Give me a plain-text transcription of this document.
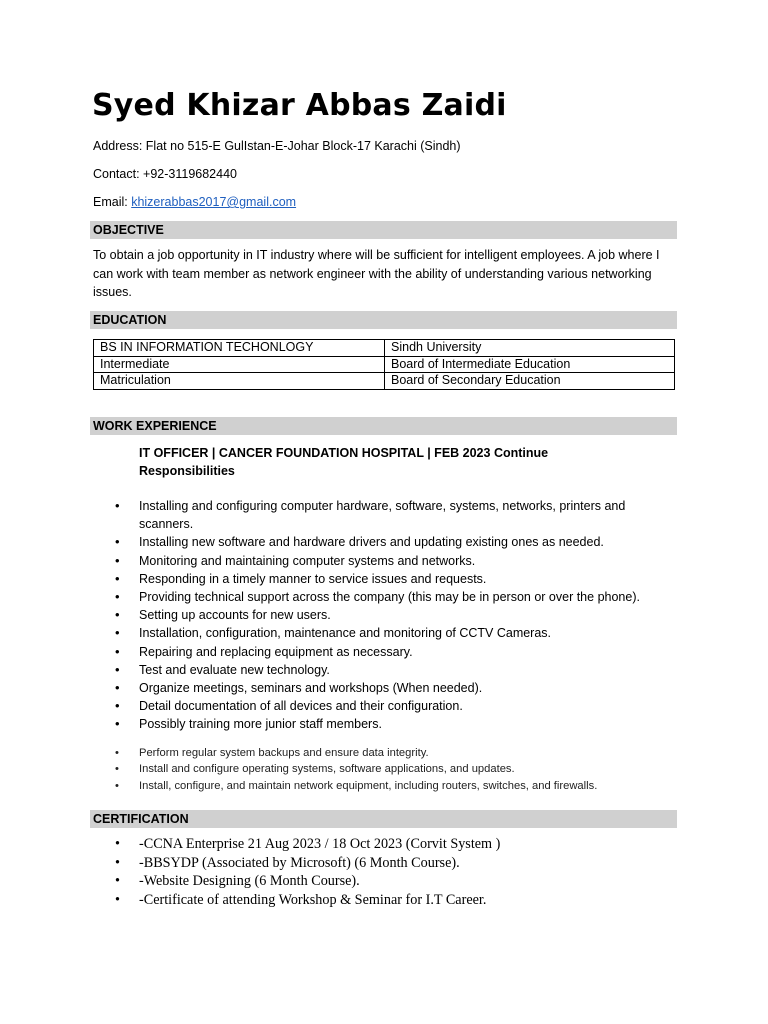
Syed Khizar Abbas Zaidi
Address: Flat no 515-E GulIstan-E-Johar Block-17 Karachi (Sindh)
Contact: +92-3119682440
Email: khizerabbas2017@gmail.com
OBJECTIVE
To obtain a job opportunity in IT industry where will be sufficient for intelligent employees. A job where I can work with team member as network engineer with the ability of understanding various networking issues.
EDUCATION
BS IN INFORMATION TECHONLOGY	Sindh University
Intermediate	Board of Intermediate Education
Matriculation	Board of Secondary Education
WORK EXPERIENCE
IT OFFICER | CANCER FOUNDATION HOSPITAL | FEB 2023 Continue
Responsibilities
• Installing and configuring computer hardware, software, systems, networks, printers and scanners.
• Installing new software and hardware drivers and updating existing ones as needed.
• Monitoring and maintaining computer systems and networks.
• Responding in a timely manner to service issues and requests.
• Providing technical support across the company (this may be in person or over the phone).
• Setting up accounts for new users.
• Installation, configuration, maintenance and monitoring of CCTV Cameras.
• Repairing and replacing equipment as necessary.
• Test and evaluate new technology.
• Organize meetings, seminars and workshops (When needed).
• Detail documentation of all devices and their configuration.
• Possibly training more junior staff members.
• Perform regular system backups and ensure data integrity.
• Install and configure operating systems, software applications, and updates.
• Install, configure, and maintain network equipment, including routers, switches, and firewalls.
CERTIFICATION
• -CCNA Enterprise 21 Aug 2023 / 18 Oct 2023 (Corvit System )
• -BBSYDP (Associated by Microsoft) (6 Month Course).
• -Website Designing (6 Month Course).
• -Certificate of attending Workshop & Seminar for I.T Career.
